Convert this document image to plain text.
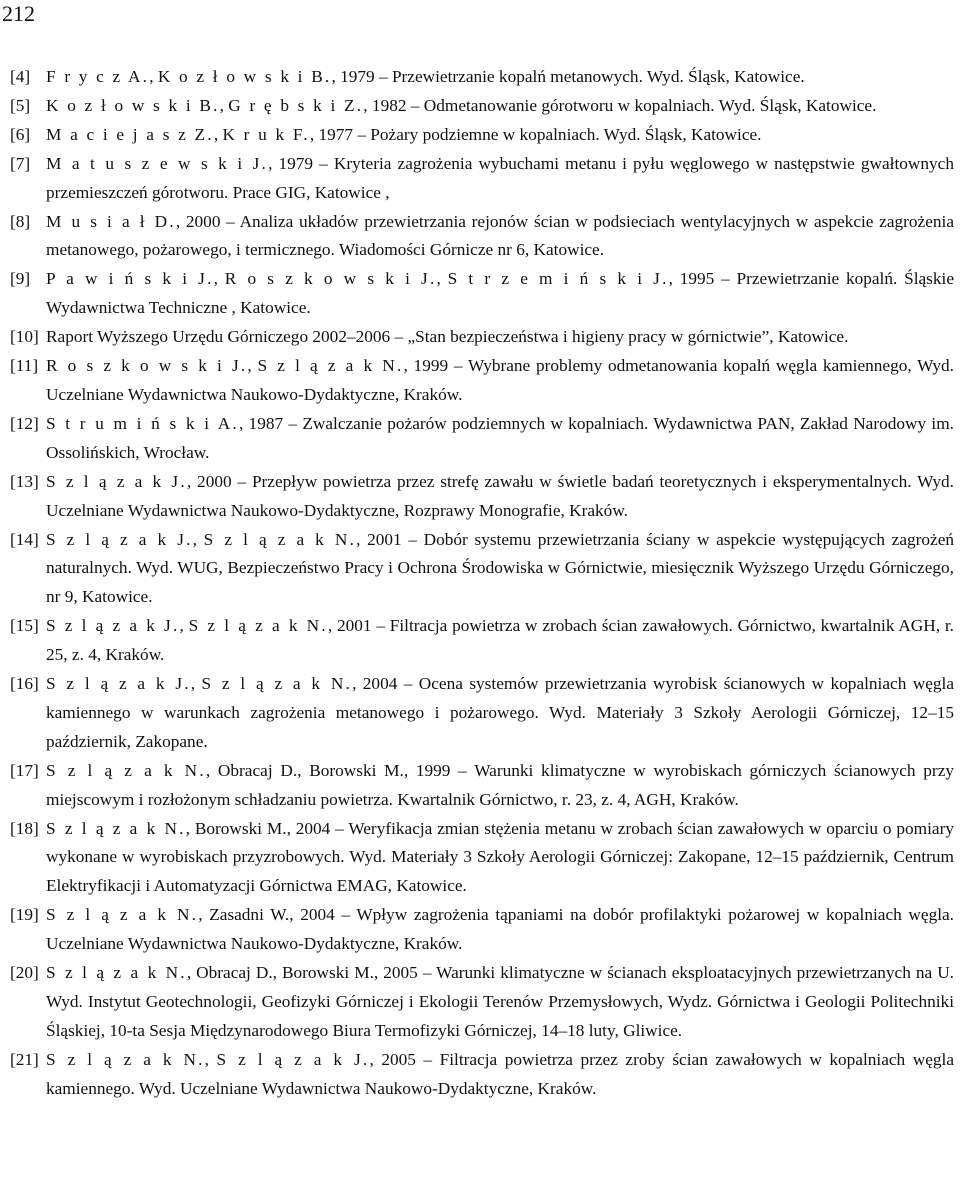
212
[4] F r y c z A., K o z ł o w s k i B., 1979 – Przewietrzanie kopalń metanowych. Wyd. Śląsk, Katowice.
[5] K o z ł o w s k i B., G r ę b s k i Z., 1982 – Odmetanowanie górotworu w kopalniach. Wyd. Śląsk, Katowice.
[6] M a c i e j a s z Z., K r u k F., 1977 – Pożary podziemne w kopalniach. Wyd. Śląsk, Katowice.
[7] M a t u s z e w s k i J., 1979 – Kryteria zagrożenia wybuchami metanu i pyłu węglowego w następstwie gwałtownych przemieszczeń górotworu. Prace GIG, Katowice ,
[8] M u s i a ł D., 2000 – Analiza układów przewietrzania rejonów ścian w podsieciach wentylacyjnych w aspekcie zagrożenia metanowego, pożarowego, i termicznego. Wiadomości Górnicze nr 6, Katowice.
[9] P a w i ń s k i J., R o s z k o w s k i J., S t r z e m i ń s k i J., 1995 – Przewietrzanie kopalń. Śląskie Wydawnictwa Techniczne , Katowice.
[10] Raport Wyższego Urzędu Górniczego 2002–2006 – „Stan bezpieczeństwa i higieny pracy w górnictwie”, Katowice.
[11] R o s z k o w s k i J., S z l ą z a k N., 1999 – Wybrane problemy odmetanowania kopalń węgla kamiennego, Wyd. Uczelniane Wydawnictwa Naukowo-Dydaktyczne, Kraków.
[12] S t r u m i ń s k i A., 1987 – Zwalczanie pożarów podziemnych w kopalniach. Wydawnictwa PAN, Zakład Narodowy im. Ossolińskich, Wrocław.
[13] S z l ą z a k J., 2000 – Przepływ powietrza przez strefę zawału w świetle badań teoretycznych i eksperymentalnych. Wyd. Uczelniane Wydawnictwa Naukowo-Dydaktyczne, Rozprawy Monografie, Kraków.
[14] S z l ą z a k J., S z l ą z a k N., 2001 – Dobór systemu przewietrzania ściany w aspekcie występujących zagrożeń naturalnych. Wyd. WUG, Bezpieczeństwo Pracy i Ochrona Środowiska w Górnictwie, miesięcznik Wyższego Urzędu Górniczego, nr 9, Katowice.
[15] S z l ą z a k J., S z l ą z a k N., 2001 – Filtracja powietrza w zrobach ścian zawałowych. Górnictwo, kwartalnik AGH, r. 25, z. 4, Kraków.
[16] S z l ą z a k J., S z l ą z a k N., 2004 – Ocena systemów przewietrzania wyrobisk ścianowych w kopalniach węgla kamiennego w warunkach zagrożenia metanowego i pożarowego. Wyd. Materiały 3 Szkoły Aerologii Górniczej, 12–15 październik, Zakopane.
[17] S z l ą z a k N., Obracaj D., Borowski M., 1999 – Warunki klimatyczne w wyrobiskach górniczych ścianowych przy miejscowym i rozłożonym schładzaniu powietrza. Kwartalnik Górnictwo, r. 23, z. 4, AGH, Kraków.
[18] S z l ą z a k N., Borowski M., 2004 – Weryfikacja zmian stężenia metanu w zrobach ścian zawałowych w oparciu o pomiary wykonane w wyrobiskach przyzrobowych. Wyd. Materiały 3 Szkoły Aerologii Górniczej: Zakopane, 12–15 październik, Centrum Elektryfikacji i Automatyzacji Górnictwa EMAG, Katowice.
[19] S z l ą z a k N., Zasadni W., 2004 – Wpływ zagrożenia tąpaniami na dobór profilaktyki pożarowej w kopalniach węgla. Uczelniane Wydawnictwa Naukowo-Dydaktyczne, Kraków.
[20] S z l ą z a k N., Obracaj D., Borowski M., 2005 – Warunki klimatyczne w ścianach eksploatacyjnych przewietrzanych na U. Wyd. Instytut Geotechnologii, Geofizyki Górniczej i Ekologii Terenów Przemysłowych, Wydz. Górnictwa i Geologii Politechniki Śląskiej, 10-ta Sesja Międzynarodowego Biura Termofizyki Górniczej, 14–18 luty, Gliwice.
[21] S z l ą z a k N., S z l ą z a k J., 2005 – Filtracja powietrza przez zroby ścian zawałowych w kopalniach węgla kamiennego. Wyd. Uczelniane Wydawnictwa Naukowo-Dydaktyczne, Kraków.
